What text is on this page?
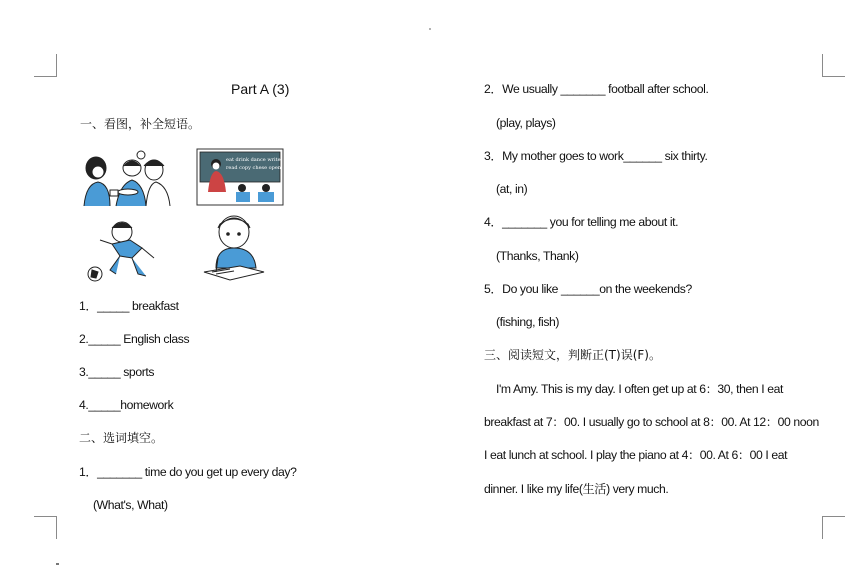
Part A (3)
一、看图，补全短语。
eat drink dance write
read copy chese open
1．_____ breakfast
2._____ English class
3._____ sports
4._____homework
二、选词填空。
1．_______ time do you get up every day?
(What's, What)
2．We usually _______ football after school.
(play, plays)
3．My mother goes to work______ six thirty.
(at, in)
4．_______ you for telling me about it.
(Thanks, Thank)
5．Do you like ______on the weekends?
(fishing, fish)
三、阅读短文，判断正(T)误(F)。
I'm Amy. This is my day. I often get up at 6：30, then I eat
breakfast at 7：00. I usually go to school at 8：00. At 12：00 noon
I eat lunch at school. I play the piano at 4：00. At 6：00 I eat
dinner. I like my life(生活) very much.
